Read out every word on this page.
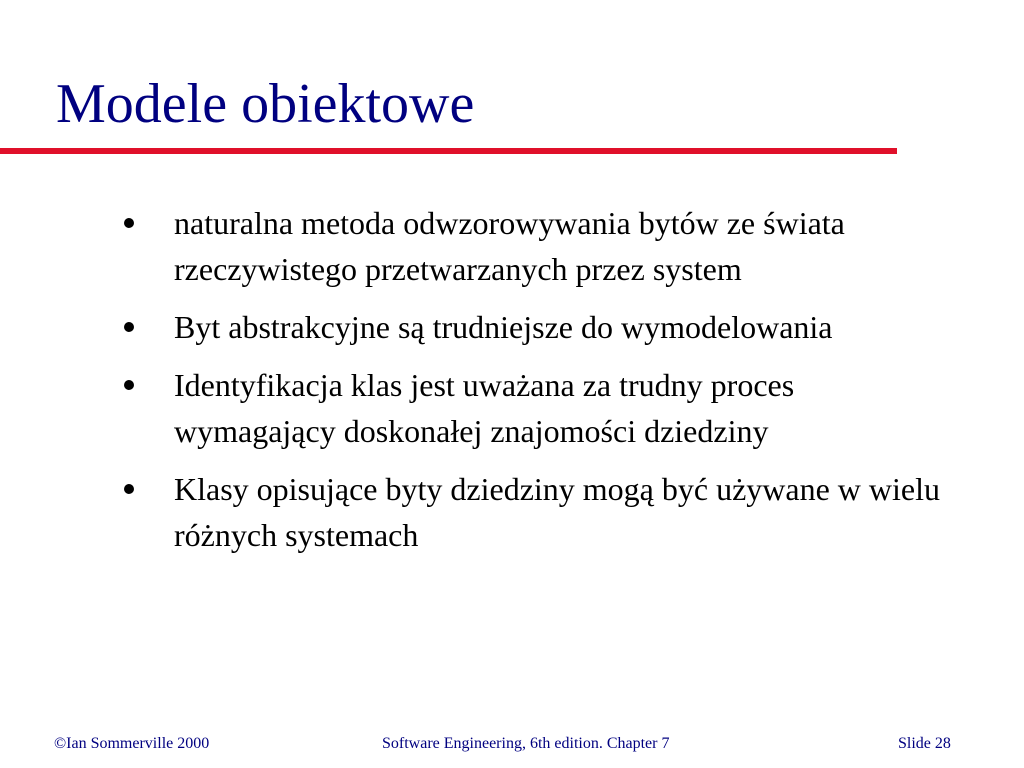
Modele obiektowe
naturalna metoda odwzorowywania bytów ze świata rzeczywistego przetwarzanych przez system
Byt abstrakcyjne są trudniejsze do wymodelowania
Identyfikacja klas jest uważana za trudny proces wymagający doskonałej znajomości dziedziny
Klasy opisujące byty dziedziny mogą być używane w wielu różnych systemach
©Ian Sommerville 2000	Software Engineering, 6th edition. Chapter 7	Slide 28
